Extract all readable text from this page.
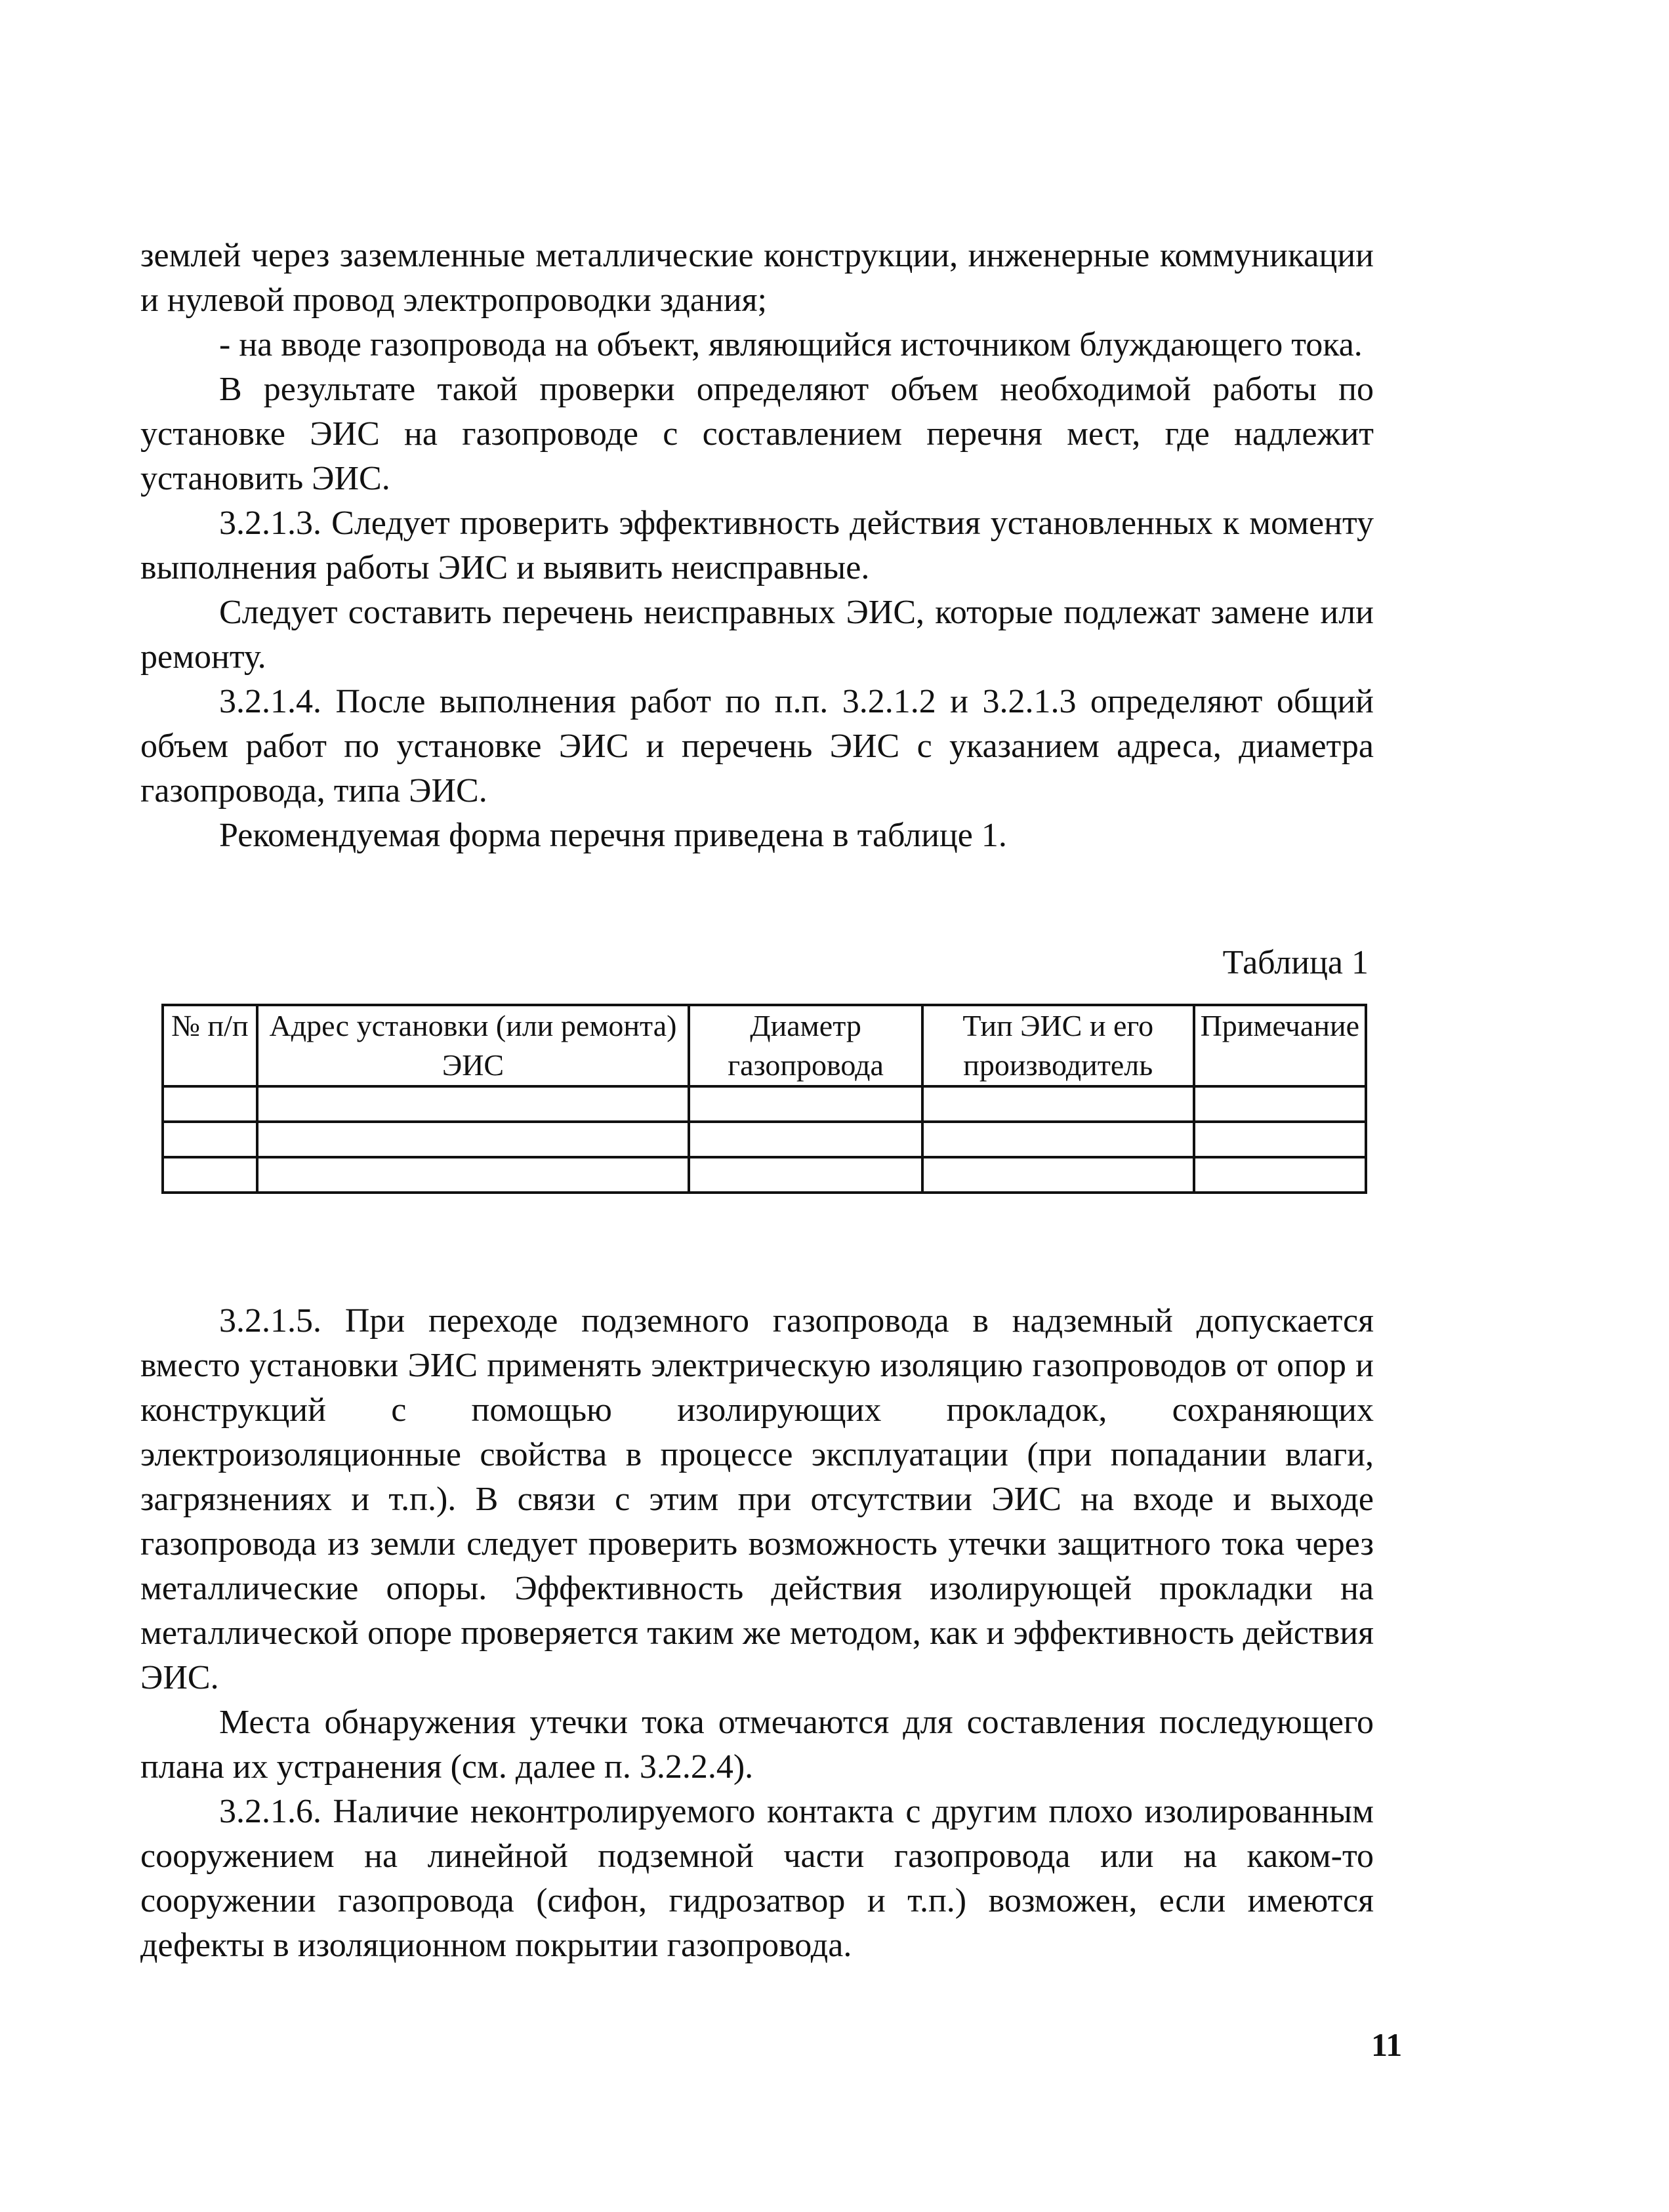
землей через заземленные металлические конструкции, инженерные коммуникации и нулевой провод электропроводки здания;

- на вводе газопровода на объект, являющийся источником блуждающего тока.

В результате такой проверки определяют объем необходимой работы по установке ЭИС на газопроводе с составлением перечня мест, где надлежит установить ЭИС.

3.2.1.3. Следует проверить эффективность действия установленных к моменту выполнения работы ЭИС и выявить неисправные.

Следует составить перечень неисправных ЭИС, которые подлежат замене или ремонту.

3.2.1.4. После выполнения работ по п.п. 3.2.1.2 и 3.2.1.3 определяют общий объем работ по установке ЭИС и перечень ЭИС с указанием адреса, диаметра газопровода, типа ЭИС.

Рекомендуемая форма перечня приведена в таблице 1.

Таблица 1
№ п/п	Адрес установки (или ремонта) ЭИС	Диаметр газопровода	Тип ЭИС и его производитель	Примечание

3.2.1.5. При переходе подземного газопровода в надземный допускается вместо установки ЭИС применять электрическую изоляцию газопроводов от опор и конструкций с помощью изолирующих прокладок, сохраняющих электроизоляционные свойства в процессе эксплуатации (при попадании влаги, загрязнениях и т.п.). В связи с этим при отсутствии ЭИС на входе и выходе газопровода из земли следует проверить возможность утечки защитного тока через металлические опоры. Эффективность действия изолирующей прокладки на металлической опоре проверяется таким же методом, как и эффективность действия ЭИС.

Места обнаружения утечки тока отмечаются для составления последующего плана их устранения (см. далее п. 3.2.2.4).

3.2.1.6. Наличие неконтролируемого контакта с другим плохо изолированным сооружением на линейной подземной части газопровода или на каком-то сооружении газопровода (сифон, гидрозатвор и т.п.) возможен, если имеются дефекты в изоляционном покрытии газопровода.

11
